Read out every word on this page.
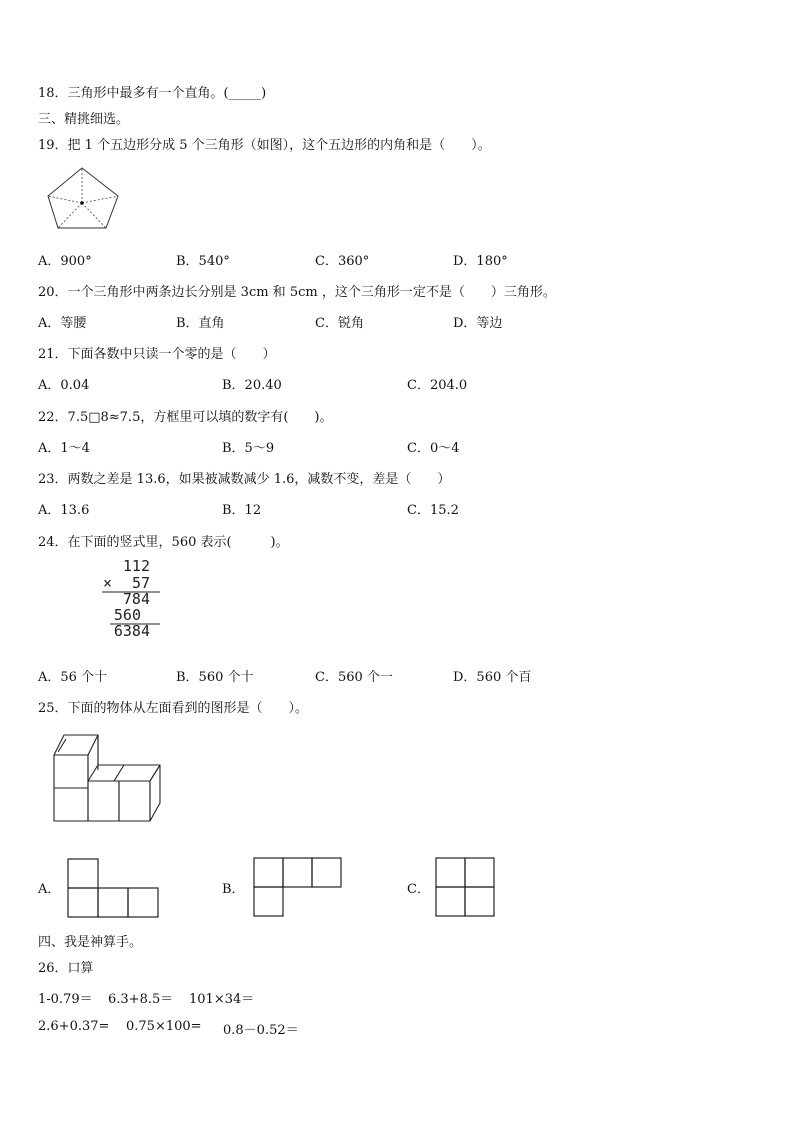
18．三角形中最多有一个直角。(_____)
三、精挑细选。
19．把 1 个五边形分成 5 个三角形（如图），这个五边形的内角和是（　　）。
A．900°	B．540°	C．360°	D．180°
20．一个三角形中两条边长分别是 3cm 和 5cm ，这个三角形一定不是（　　）三角形。
A．等腰	B．直角	C．锐角	D．等边
21．下面各数中只读一个零的是（　　）
A．0.04	B．20.40	C．204.0
22．7.5□8≈7.5，方框里可以填的数字有(　　)。
A．1～4	B．5～9	C．0～4
23．两数之差是 13.6，如果被减数减少 1.6，减数不变，差是（　　）
A．13.6	B．12	C．15.2
24．在下面的竖式里，560 表示(　　　)。
112
× 57
784
560
6384
A．56 个十	B．560 个十	C．560 个一	D．560 个百
25．下面的物体从左面看到的图形是（　　）。
A．	B．	C．
四、我是神算手。
26．口算
1-0.79＝ 6.3+8.5＝ 101×34＝
2.6+0.37= 0.75×100= 0.8－0.52＝
